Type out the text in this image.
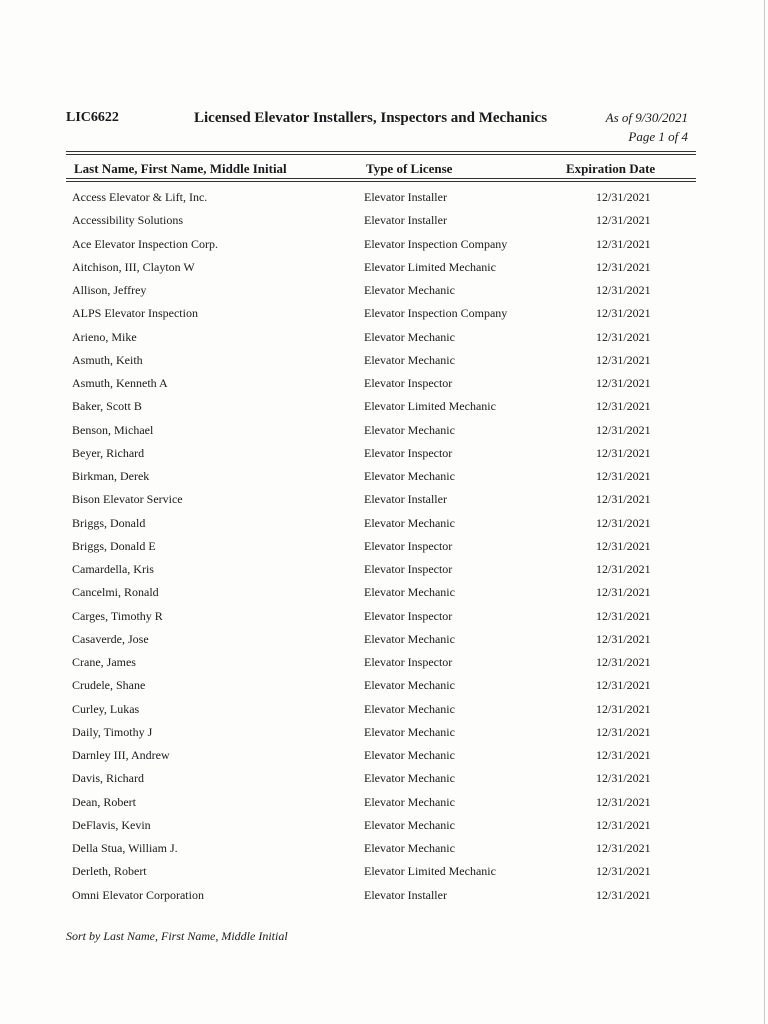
LIC6622	Licensed Elevator Installers, Inspectors and Mechanics	As of 9/30/2021
Page 1 of 4
Last Name, First Name, Middle Initial	Type of License	Expiration Date
Access Elevator & Lift, Inc.	Elevator Installer	12/31/2021
Accessibility Solutions	Elevator Installer	12/31/2021
Ace Elevator Inspection Corp.	Elevator Inspection Company	12/31/2021
Aitchison, III, Clayton W	Elevator Limited Mechanic	12/31/2021
Allison, Jeffrey	Elevator Mechanic	12/31/2021
ALPS Elevator Inspection	Elevator Inspection Company	12/31/2021
Arieno, Mike	Elevator Mechanic	12/31/2021
Asmuth, Keith	Elevator Mechanic	12/31/2021
Asmuth, Kenneth A	Elevator Inspector	12/31/2021
Baker, Scott B	Elevator Limited Mechanic	12/31/2021
Benson, Michael	Elevator Mechanic	12/31/2021
Beyer, Richard	Elevator Inspector	12/31/2021
Birkman, Derek	Elevator Mechanic	12/31/2021
Bison Elevator Service	Elevator Installer	12/31/2021
Briggs, Donald	Elevator Mechanic	12/31/2021
Briggs, Donald E	Elevator Inspector	12/31/2021
Camardella, Kris	Elevator Inspector	12/31/2021
Cancelmi, Ronald	Elevator Mechanic	12/31/2021
Carges, Timothy R	Elevator Inspector	12/31/2021
Casaverde, Jose	Elevator Mechanic	12/31/2021
Crane, James	Elevator Inspector	12/31/2021
Crudele, Shane	Elevator Mechanic	12/31/2021
Curley, Lukas	Elevator Mechanic	12/31/2021
Daily, Timothy J	Elevator Mechanic	12/31/2021
Darnley III, Andrew	Elevator Mechanic	12/31/2021
Davis, Richard	Elevator Mechanic	12/31/2021
Dean, Robert	Elevator Mechanic	12/31/2021
DeFlavis, Kevin	Elevator Mechanic	12/31/2021
Della Stua, William J.	Elevator Mechanic	12/31/2021
Derleth, Robert	Elevator Limited Mechanic	12/31/2021
Omni Elevator Corporation	Elevator Installer	12/31/2021
Sort by Last Name, First Name, Middle Initial
